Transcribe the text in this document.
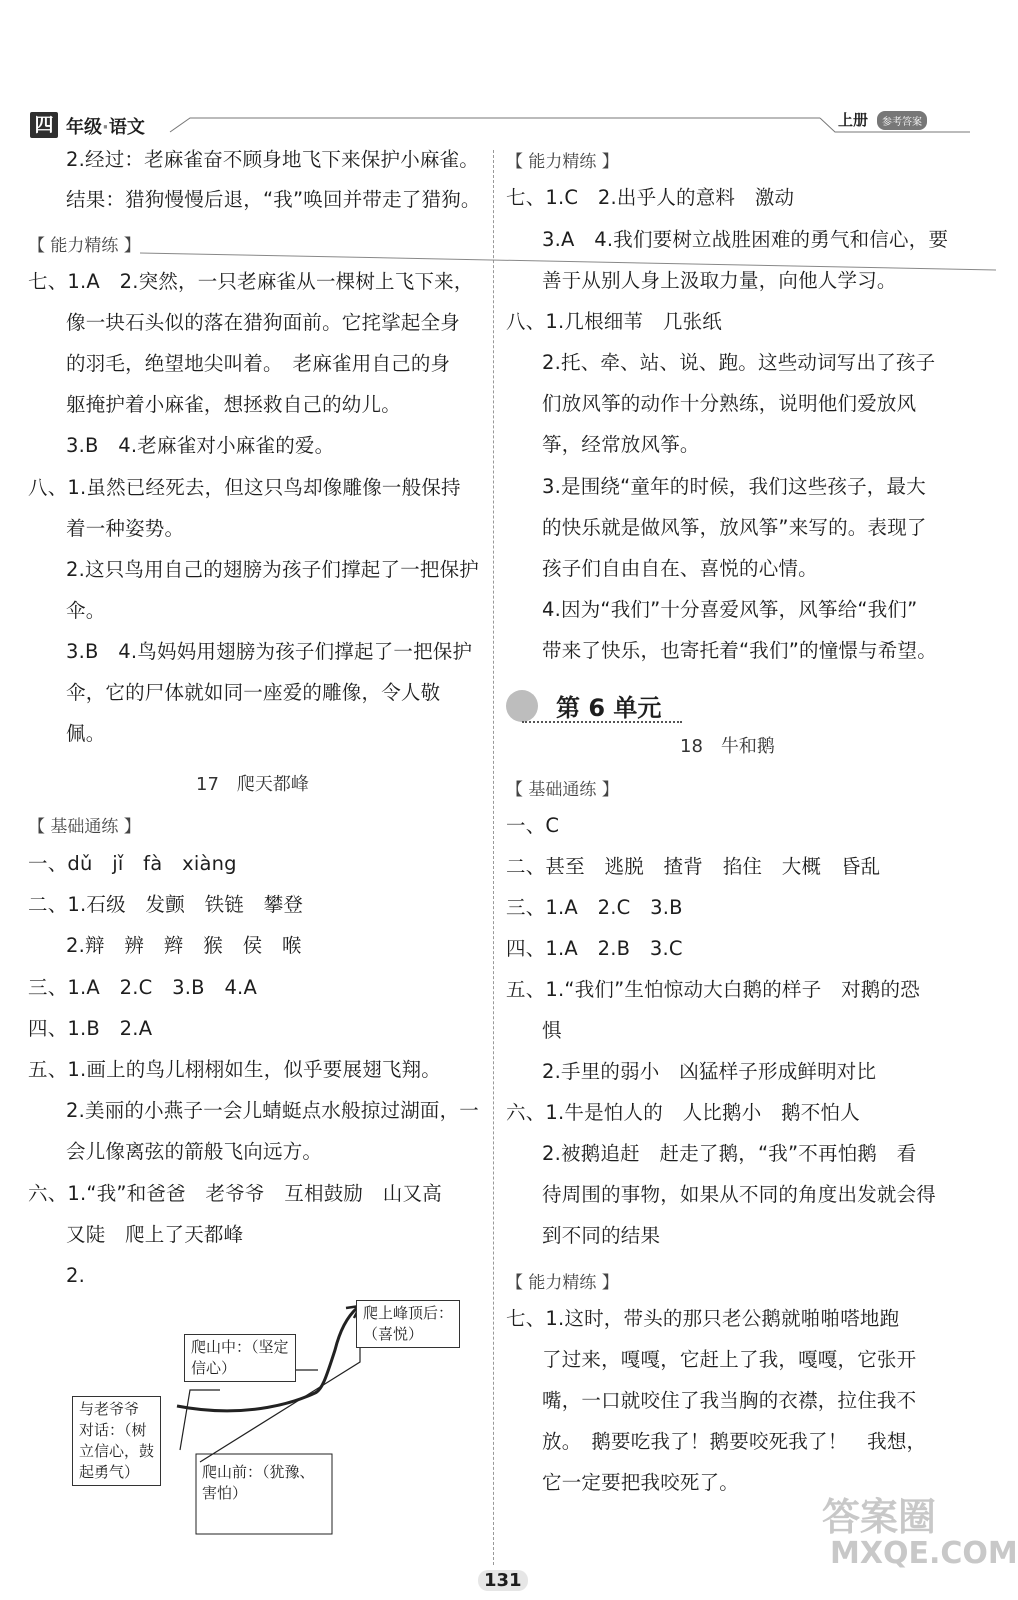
四 年级·语文	上册	参考答案
2.经过：老麻雀奋不顾身地飞下来保护小麻雀。
结果：猎狗慢慢后退，“我”唤回并带走了猎狗。
【 能力精练 】
七、1.A　2.突然，一只老麻雀从一棵树上飞下来，
像一块石头似的落在猎狗面前。它挓挲起全身
的羽毛，绝望地尖叫着。　老麻雀用自己的身
躯掩护着小麻雀，想拯救自己的幼儿。
3.B　4.老麻雀对小麻雀的爱。
八、1.虽然已经死去，但这只鸟却像雕像一般保持
着一种姿势。
2.这只鸟用自己的翅膀为孩子们撑起了一把保护
伞。
3.B　4.鸟妈妈用翅膀为孩子们撑起了一把保护
伞，它的尸体就如同一座爱的雕像，令人敬
佩。
17　爬天都峰
【 基础通练 】
一、dǔ　jǐ　fà　xiàng
二、1.石级　发颤　铁链　攀登
2.辩　辨　辫　猴　侯　喉
三、1.A　2.C　3.B　4.A
四、1.B　2.A
五、1.画上的鸟儿栩栩如生，似乎要展翅飞翔。
2.美丽的小燕子一会儿蜻蜓点水般掠过湖面，一
会儿像离弦的箭般飞向远方。
六、1.“我”和爸爸　老爷爷　互相鼓励　山又高
又陡　爬上了天都峰
2.
与老爷爷
对话：（树
立信心，鼓
起勇气）
爬山中：（坚定
信心）
爬上峰顶后：
（喜悦）
爬山前：（犹豫、
害怕）
【 能力精练 】
七、1.C　2.出乎人的意料　激动
3.A　4.我们要树立战胜困难的勇气和信心，要
善于从别人身上汲取力量，向他人学习。
八、1.几根细苇　几张纸
2.托、牵、站、说、跑。这些动词写出了孩子
们放风筝的动作十分熟练，说明他们爱放风
筝，经常放风筝。
3.是围绕“童年的时候，我们这些孩子，最大
的快乐就是做风筝，放风筝”来写的。表现了
孩子们自由自在、喜悦的心情。
4.因为“我们”十分喜爱风筝，风筝给“我们”
带来了快乐，也寄托着“我们”的憧憬与希望。
第 6 单元
18　牛和鹅
【 基础通练 】
一、C
二、甚至　逃脱　揸背　掐住　大概　昏乱
三、1.A　2.C　3.B
四、1.A　2.B　3.C
五、1.“我们”生怕惊动大白鹅的样子　对鹅的恐
惧
2.手里的弱小　凶猛样子形成鲜明对比
六、1.牛是怕人的　人比鹅小　鹅不怕人
2.被鹅追赶　赶走了鹅，“我”不再怕鹅　看
待周围的事物，如果从不同的角度出发就会得
到不同的结果
【 能力精练 】
七、1.这时，带头的那只老公鹅就啪啪嗒地跑
了过来，嘎嘎，它赶上了我，嘎嘎，它张开
嘴，一口就咬住了我当胸的衣襟，拉住我不
放。　鹅要吃我了！鹅要咬死我了！　我想，
它一定要把我咬死了。
131
答案圈
MXQE.COM
